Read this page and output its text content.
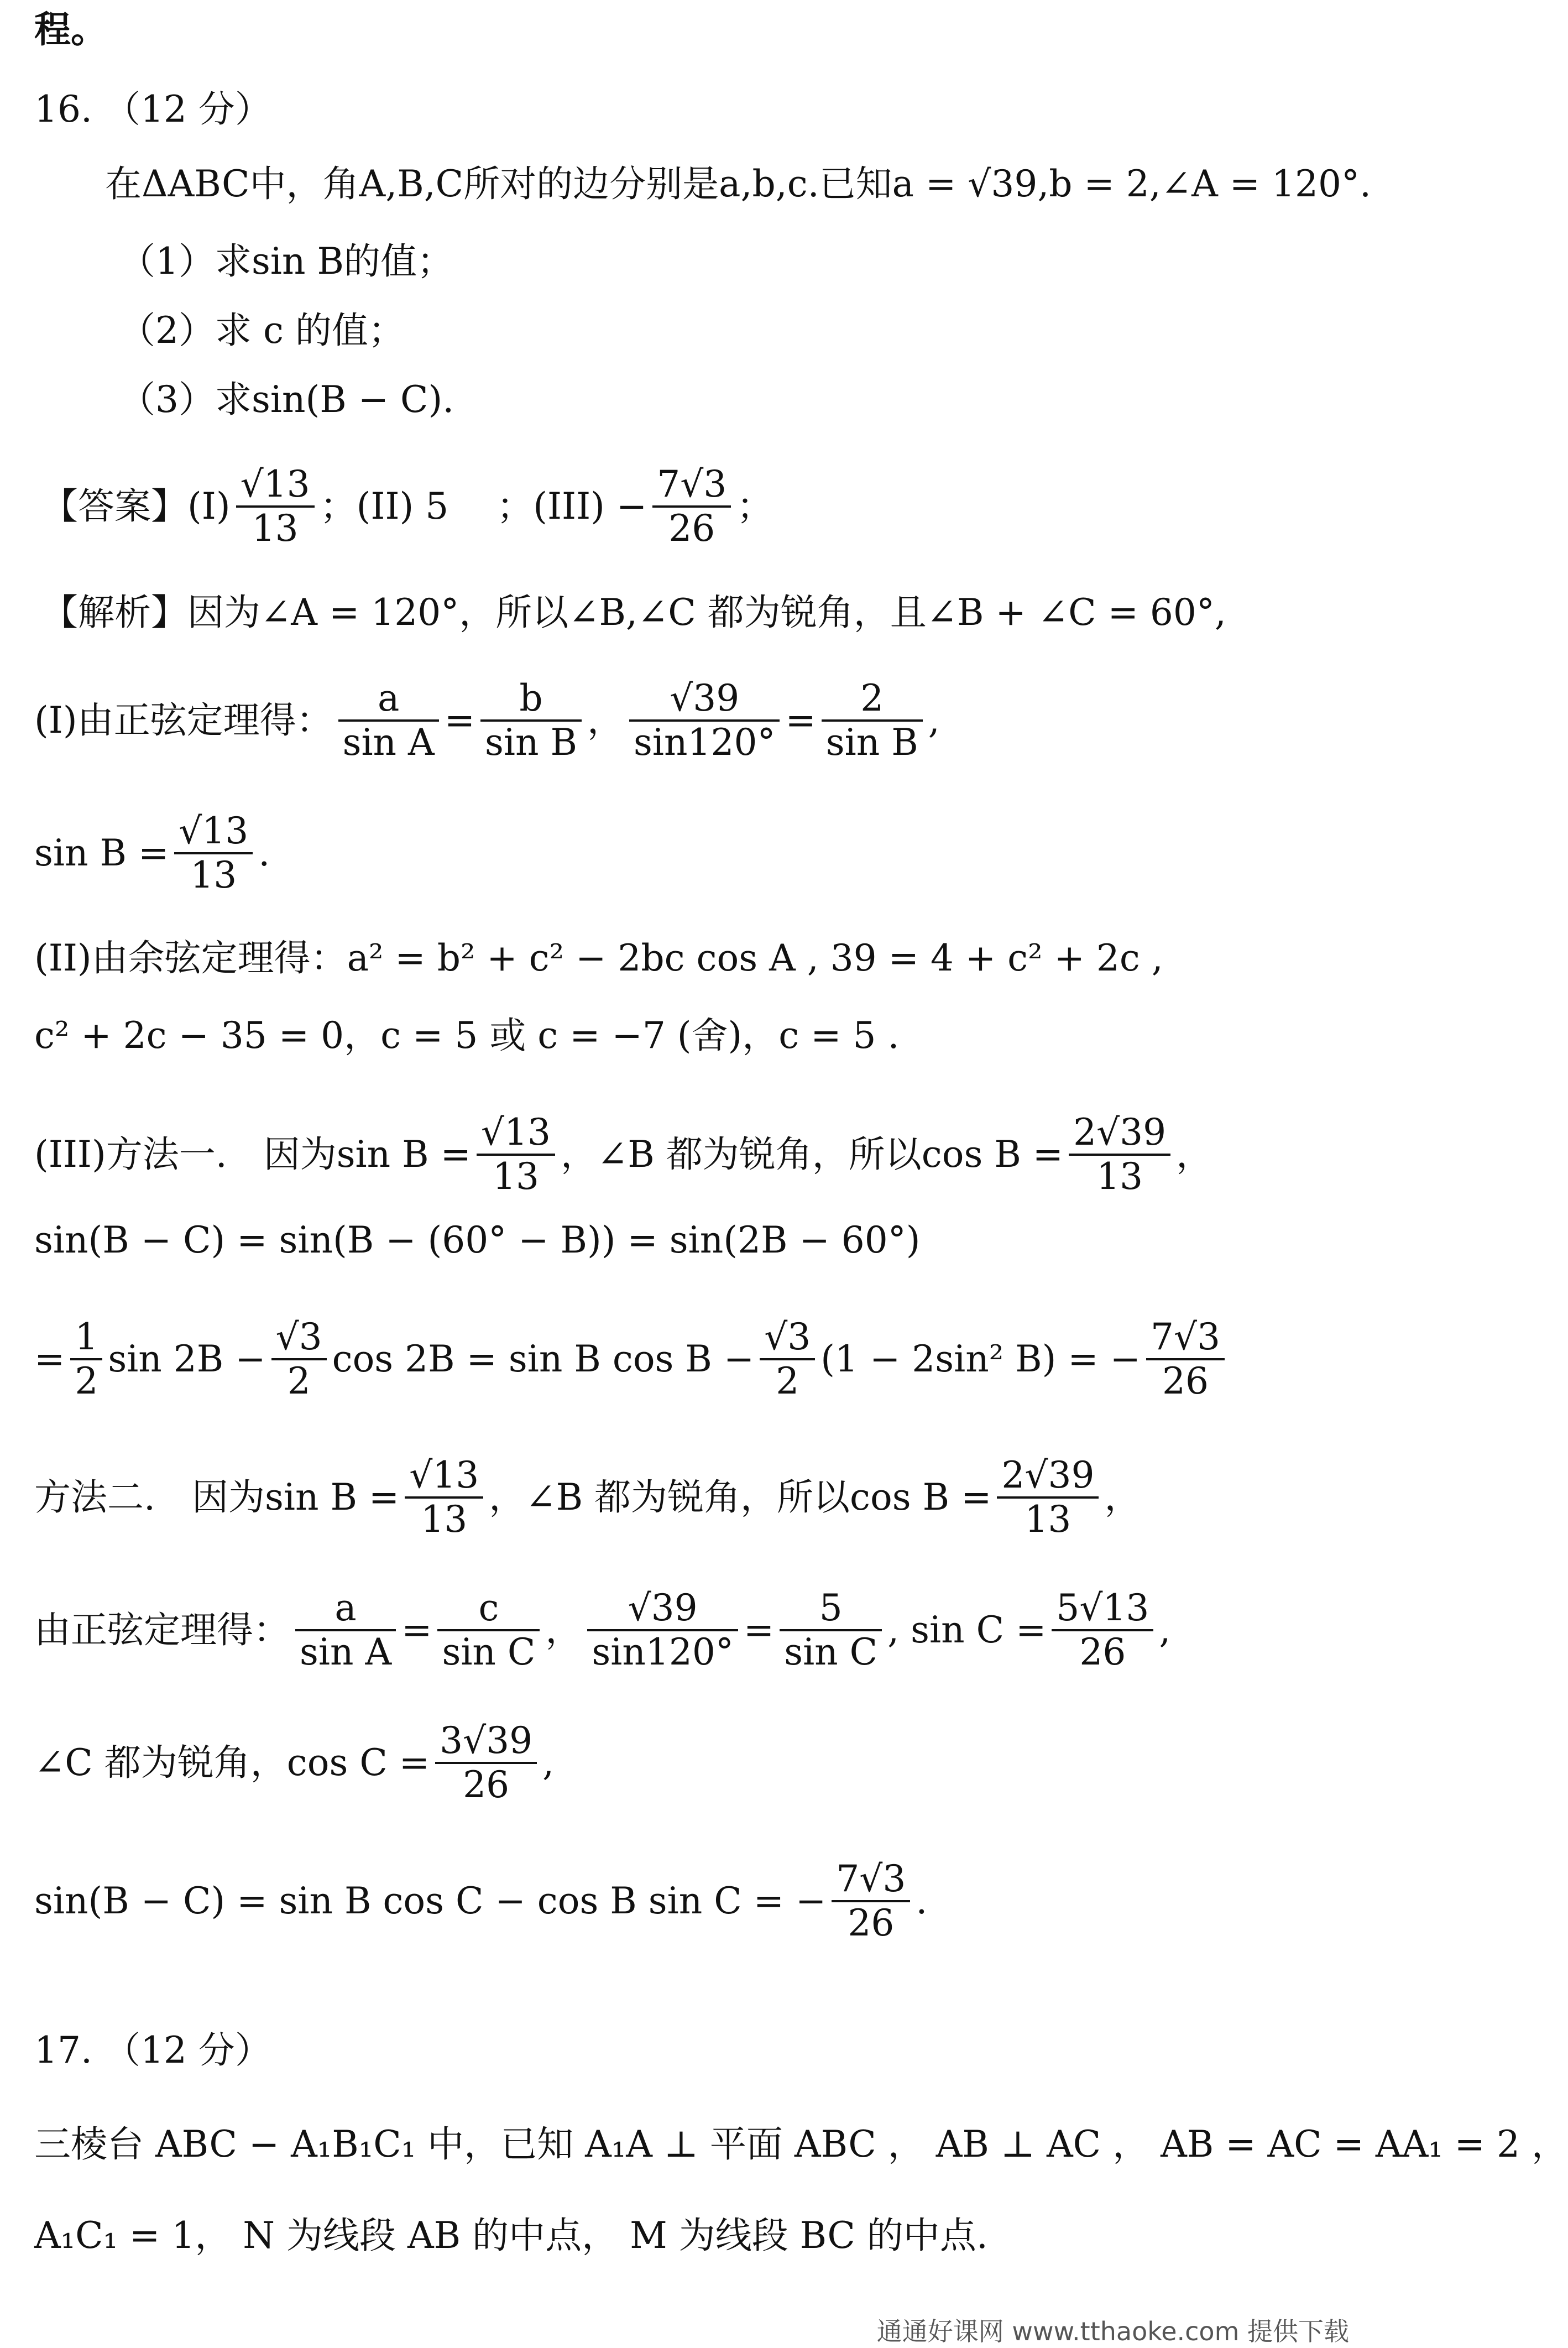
程。
16. （12 分）
在ΔABC中，角A,B,C所对的边分别是a,b,c.已知a = √39,b = 2,∠A = 120°.
（1）求sin B的值；
（2）求 c 的值；
（3）求sin(B − C).
【答案】$(I) \frac{√13}{13}$ ；(II) 5 　；$(III) - \frac{7√3}{26}$ ；
【解析】因为∠A = 120°，所以∠B,∠C 都为锐角，且∠B + ∠C = 60°,
(I)由正弦定理得： $\frac{a}{\text{sin A}} = \frac{b}{\text{sin B}}$ ， $\frac{√39}{\sin 120^\circ} = \frac{2}{\text{sin B}}$ ,
$\sin B = \frac{√13}{13}$ .
(II)由余弦定理得：a² = b² + c² − 2bc cos A , 39 = 4 + c² + 2c ,
c² + 2c − 35 = 0，c = 5 或 c = −7 (舍)，c = 5 .
(III)方法一.　因为$\sin B = \frac{√13}{13}$ ，∠B 都为锐角，所以$\cos B = \frac{2√39}{13}$ ，
sin(B − C) = sin(B − (60° − B)) = sin(2B − 60°)
= $\frac{1}{2}$ $\sin 2B - \frac{√3}{2}$ cos 2B = sin B $\cos B - \frac{√3}{2} (1 - 2\sin^2$ B) = − $\frac{7√3}{26}$
方法二.　因为$\sin B = \frac{√13}{13}$ ，∠B 都为锐角，所以$\cos B = \frac{2√39}{13}$ ，
由正弦定理得： $\frac{a}{\text{sin A}} = \frac{c}{\text{sin C}}$ ， $\frac{√39}{\sin 120^\circ} = \frac{5}{\text{sin C}}$ , $\sin C = \frac{5√13}{26}$ ,
∠C 都为锐角，$\cos C = \frac{3√39}{26}$ ,
sin(B − C) = sin B cos C − cos B sin C = − $\frac{7√3}{26}$ .
17. （12 分）
三棱台 ABC − A₁B₁C₁ 中，已知 A₁A ⊥ 平面 ABC ， AB ⊥ AC ， AB = AC = AA₁ = 2 ，
A₁C₁ = 1， N 为线段 AB 的中点， M 为线段 BC 的中点.
通通好课网 www.tthaoke.com 提供下载
